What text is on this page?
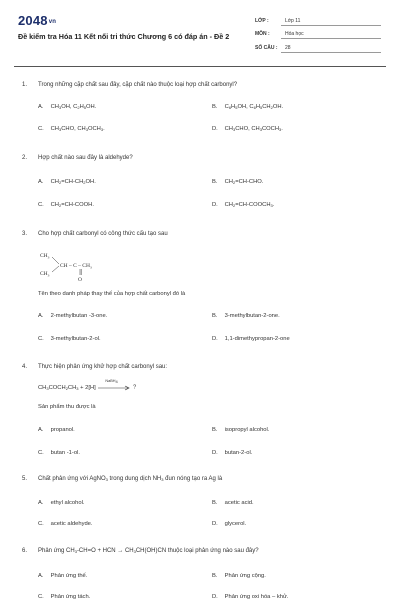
2048vn
Đề kiểm tra Hóa 11 Kết nối tri thức Chương 6 có đáp án - Đề 2
LỚP :	Lớp 11
MÔN :	Hóa học
SỐ CÂU : 28
1. Trong những cặp chất sau đây, cặp chất nào thuộc loại hợp chất carbonyl?
A. $CH_3OH$, $C_2H_5OH$.	B. $C_6H_5OH$, $C_6H_5CH_2OH$.
C. $CH_3CHO$, $CH_3OCH_3$.	D. $CH_3CHO$, $CH_3COCH_3$.
2. Hợp chất nào sau đây là aldehyde?
A. $CH_2=CH-CH_2OH$.	B. $CH_2=CH$-CHO.
C. $CH_2=CH$-COOH.	D. $CH_2=CH-COOCH_3$.
3. Cho hợp chất carbonyl có công thức cấu tạo sau
$CH_3$
$CH_3$
CH – C – $CH_3$
O
Tên theo danh pháp thay thế của hợp chất carbonyl đó là
A. 2-methylbutan -3-one.	B. 3-methylbutan-2-one.
C. 3-methylbutan-2-ol.	D. 1,1-dimethypropan-2-one
4. Thực hiện phản ứng khử hợp chất carbonyl sau:
$CH_3COCH_2CH_3 + 2[H]$
NaBH$_4$
?
Sản phẩm thu được là
A. propanol.	B. isopropyl alcohol.
C. butan -1-ol.	D. butan-2-ol.
5. Chất phản ứng với AgNO$_3$ trong dung dịch $NH_3$ đun nóng tạo ra Ag là
A. ethyl alcohol.	B. acetic acid.
C. acetic aldehyde.	D. glycerol.
6. Phản ứng $CH_3-CH=O$ + HCN → $CH_3CH(OH)CN$ thuộc loại phản ứng nào sau đây?
A. Phản ứng thế.	B. Phản ứng cộng.
C. Phản ứng tách.	D. Phản ứng oxi hóa – khử.
